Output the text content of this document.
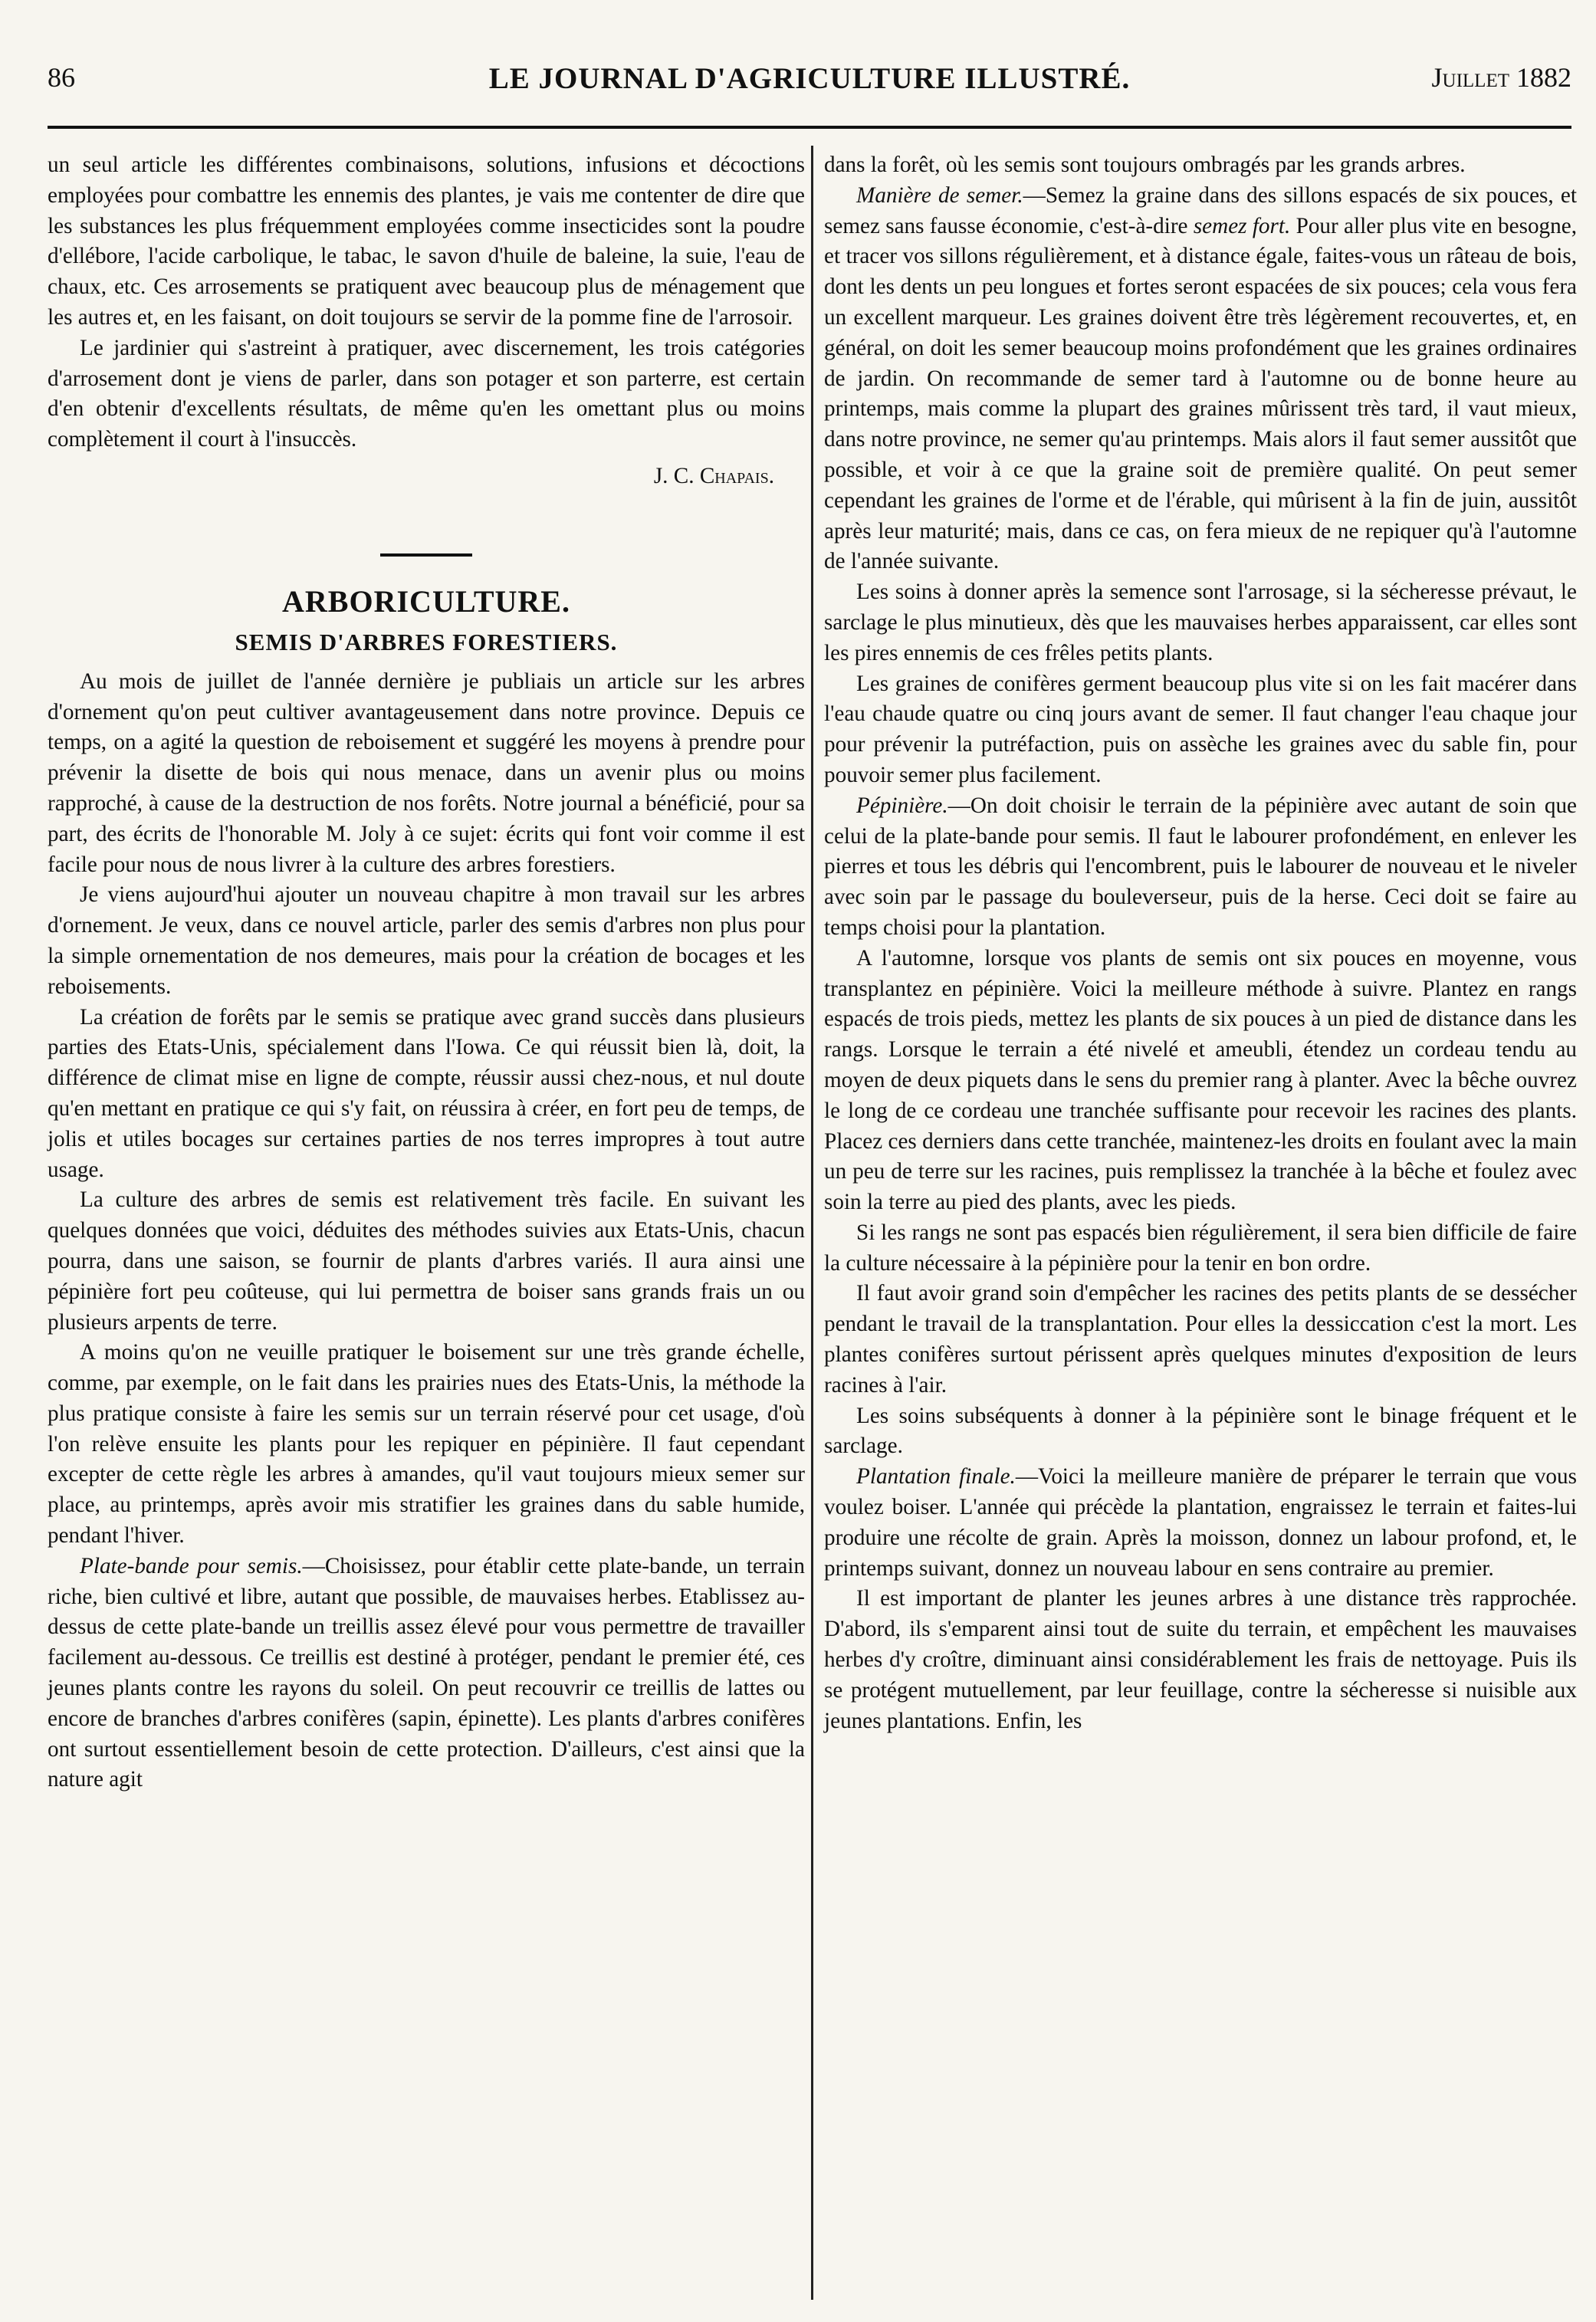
86	LE JOURNAL D'AGRICULTURE ILLUSTRÉ.	Juillet 1882

un seul article les différentes combinaisons, solutions, infusions et décoctions employées pour combattre les ennemis des plantes, je vais me contenter de dire que les substances les plus fréquemment employées comme insecticides sont la poudre d'ellébore, l'acide carbolique, le tabac, le savon d'huile de baleine, la suie, l'eau de chaux, etc. Ces arrosements se pratiquent avec beaucoup plus de ménagement que les autres et, en les faisant, on doit toujours se servir de la pomme fine de l'arrosoir.

Le jardinier qui s'astreint à pratiquer, avec discernement, les trois catégories d'arrosement dont je viens de parler, dans son potager et son parterre, est certain d'en obtenir d'excellents résultats, de même qu'en les omettant plus ou moins complètement il court à l'insuccès.

J. C. Chapais.
ARBORICULTURE.
SEMIS D'ARBRES FORESTIERS.

Au mois de juillet de l'année dernière je publiais un article sur les arbres d'ornement qu'on peut cultiver avantageusement dans notre province. Depuis ce temps, on a agité la question de reboisement et suggéré les moyens à prendre pour prévenir la disette de bois qui nous menace, dans un avenir plus ou moins rapproché, à cause de la destruction de nos forêts. Notre journal a bénéficié, pour sa part, des écrits de l'honorable M. Joly à ce sujet: écrits qui font voir comme il est facile pour nous de nous livrer à la culture des arbres forestiers.

Je viens aujourd'hui ajouter un nouveau chapitre à mon travail sur les arbres d'ornement. Je veux, dans ce nouvel article, parler des semis d'arbres non plus pour la simple ornementation de nos demeures, mais pour la création de bocages et les reboisements.

La création de forêts par le semis se pratique avec grand succès dans plusieurs parties des Etats-Unis, spécialement dans l'Iowa. Ce qui réussit bien là, doit, la différence de climat mise en ligne de compte, réussir aussi chez-nous, et nul doute qu'en mettant en pratique ce qui s'y fait, on réussira à créer, en fort peu de temps, de jolis et utiles bocages sur certaines parties de nos terres impropres à tout autre usage.

La culture des arbres de semis est relativement très facile. En suivant les quelques données que voici, déduites des méthodes suivies aux Etats-Unis, chacun pourra, dans une saison, se fournir de plants d'arbres variés. Il aura ainsi une pépinière fort peu coûteuse, qui lui permettra de boiser sans grands frais un ou plusieurs arpents de terre.

A moins qu'on ne veuille pratiquer le boisement sur une très grande échelle, comme, par exemple, on le fait dans les prairies nues des Etats-Unis, la méthode la plus pratique consiste à faire les semis sur un terrain réservé pour cet usage, d'où l'on relève ensuite les plants pour les repiquer en pépinière. Il faut cependant excepter de cette règle les arbres à amandes, qu'il vaut toujours mieux semer sur place, au printemps, après avoir mis stratifier les graines dans du sable humide, pendant l'hiver.

Plate-bande pour semis.—Choisissez, pour établir cette plate-bande, un terrain riche, bien cultivé et libre, autant que possible, de mauvaises herbes. Etablissez au-dessus de cette plate-bande un treillis assez élevé pour vous permettre de travailler facilement au-dessous. Ce treillis est destiné à protéger, pendant le premier été, ces jeunes plants contre les rayons du soleil. On peut recouvrir ce treillis de lattes ou encore de branches d'arbres conifères (sapin, épinette). Les plants d'arbres conifères ont surtout essentiellement besoin de cette protection. D'ailleurs, c'est ainsi que la nature agit

dans la forêt, où les semis sont toujours ombragés par les grands arbres.

Manière de semer.—Semez la graine dans des sillons espacés de six pouces, et semez sans fausse économie, c'est-à-dire semez fort. Pour aller plus vite en besogne, et tracer vos sillons régulièrement, et à distance égale, faites-vous un râteau de bois, dont les dents un peu longues et fortes seront espacées de six pouces; cela vous fera un excellent marqueur. Les graines doivent être très légèrement recouvertes, et, en général, on doit les semer beaucoup moins profondément que les graines ordinaires de jardin. On recommande de semer tard à l'automne ou de bonne heure au printemps, mais comme la plupart des graines mûrissent très tard, il vaut mieux, dans notre province, ne semer qu'au printemps. Mais alors il faut semer aussitôt que possible, et voir à ce que la graine soit de première qualité. On peut semer cependant les graines de l'orme et de l'érable, qui mûrisent à la fin de juin, aussitôt après leur maturité; mais, dans ce cas, on fera mieux de ne repiquer qu'à l'automne de l'année suivante.

Les soins à donner après la semence sont l'arrosage, si la sécheresse prévaut, le sarclage le plus minutieux, dès que les mauvaises herbes apparaissent, car elles sont les pires ennemis de ces frêles petits plants.

Les graines de conifères germent beaucoup plus vite si on les fait macérer dans l'eau chaude quatre ou cinq jours avant de semer. Il faut changer l'eau chaque jour pour prévenir la putréfaction, puis on assèche les graines avec du sable fin, pour pouvoir semer plus facilement.

Pépinière.—On doit choisir le terrain de la pépinière avec autant de soin que celui de la plate-bande pour semis. Il faut le labourer profondément, en enlever les pierres et tous les débris qui l'encombrent, puis le labourer de nouveau et le niveler avec soin par le passage du bouleverseur, puis de la herse. Ceci doit se faire au temps choisi pour la plantation.

A l'automne, lorsque vos plants de semis ont six pouces en moyenne, vous transplantez en pépinière. Voici la meilleure méthode à suivre. Plantez en rangs espacés de trois pieds, mettez les plants de six pouces à un pied de distance dans les rangs. Lorsque le terrain a été nivelé et ameubli, étendez un cordeau tendu au moyen de deux piquets dans le sens du premier rang à planter. Avec la bêche ouvrez le long de ce cordeau une tranchée suffisante pour recevoir les racines des plants. Placez ces derniers dans cette tranchée, maintenez-les droits en foulant avec la main un peu de terre sur les racines, puis remplissez la tranchée à la bêche et foulez avec soin la terre au pied des plants, avec les pieds.

Si les rangs ne sont pas espacés bien régulièrement, il sera bien difficile de faire la culture nécessaire à la pépinière pour la tenir en bon ordre.

Il faut avoir grand soin d'empêcher les racines des petits plants de se dessécher pendant le travail de la transplantation. Pour elles la dessiccation c'est la mort. Les plantes conifères surtout périssent après quelques minutes d'exposition de leurs racines à l'air.

Les soins subséquents à donner à la pépinière sont le binage fréquent et le sarclage.

Plantation finale.—Voici la meilleure manière de préparer le terrain que vous voulez boiser. L'année qui précède la plantation, engraissez le terrain et faites-lui produire une récolte de grain. Après la moisson, donnez un labour profond, et, le printemps suivant, donnez un nouveau labour en sens contraire au premier.

Il est important de planter les jeunes arbres à une distance très rapprochée. D'abord, ils s'emparent ainsi tout de suite du terrain, et empêchent les mauvaises herbes d'y croître, diminuant ainsi considérablement les frais de nettoyage. Puis ils se protégent mutuellement, par leur feuillage, contre la sécheresse si nuisible aux jeunes plantations. Enfin, les
